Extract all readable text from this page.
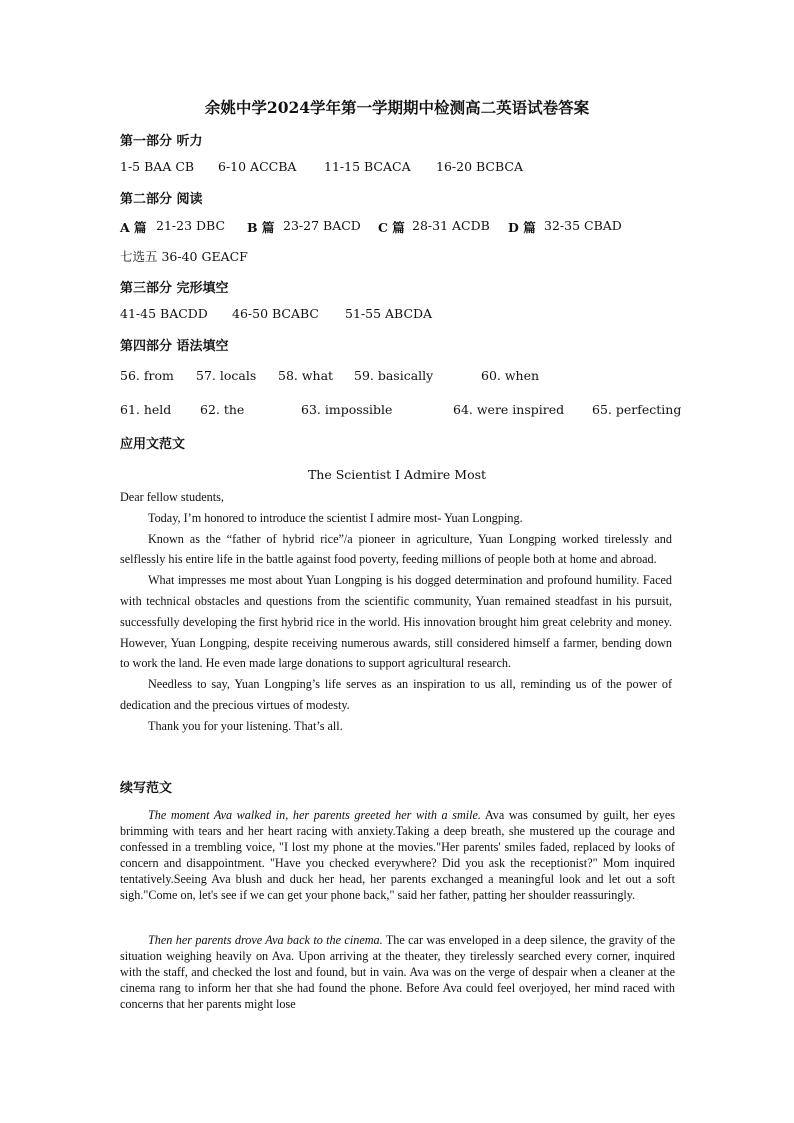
余姚中学2024学年第一学期期中检测高二英语试卷答案
第一部分 听力
1-5 BAA CB 6-10 ACCBA 11-15 BCACA 16-20 BCBCA
第二部分 阅读
A 篇 21-23 DBC B 篇 23-27 BACD C 篇 28-31 ACDB D 篇 32-35 CBAD
七选五 36-40 GEACF
第三部分 完形填空
41-45 BACDD 46-50 BCABC 51-55 ABCDA
第四部分 语法填空
56. from 57. locals 58. what 59. basically	60. when
61. held 62. the	63. impossible	64. were inspired 65. perfecting
应用文范文
The Scientist I Admire Most
Dear fellow students,
Today, I’m honored to introduce the scientist I admire most- Yuan Longping.
Known as the “father of hybrid rice”/a pioneer in agriculture, Yuan Longping worked tirelessly and selflessly his entire life in the battle against food poverty, feeding millions of people both at home and abroad.
What impresses me most about Yuan Longping is his dogged determination and profound humility. Faced with technical obstacles and questions from the scientific community, Yuan remained steadfast in his pursuit, successfully developing the first hybrid rice in the world. His innovation brought him great celebrity and money. However, Yuan Longping, despite receiving numerous awards, still considered himself a farmer, bending down to work the land. He even made large donations to support agricultural research.
Needless to say, Yuan Longping’s life serves as an inspiration to us all, reminding us of the power of dedication and the precious virtues of modesty.
Thank you for your listening. That’s all.
续写范文
The moment Ava walked in, her parents greeted her with a smile. Ava was consumed by guilt, her eyes brimming with tears and her heart racing with anxiety.Taking a deep breath, she mustered up the courage and confessed in a trembling voice, "I lost my phone at the movies."Her parents' smiles faded, replaced by looks of concern and disappointment. "Have you checked everywhere? Did you ask the receptionist?" Mom inquired tentatively.Seeing Ava blush and duck her head, her parents exchanged a meaningful look and let out a soft sigh."Come on, let's see if we can get your phone back," said her father, patting her shoulder reassuringly.
Then her parents drove Ava back to the cinema. The car was enveloped in a deep silence, the gravity of the situation weighing heavily on Ava. Upon arriving at the theater, they tirelessly searched every corner, inquired with the staff, and checked the lost and found, but in vain. Ava was on the verge of despair when a cleaner at the cinema rang to inform her that she had found the phone. Before Ava could feel overjoyed, her mind raced with concerns that her parents might lose
